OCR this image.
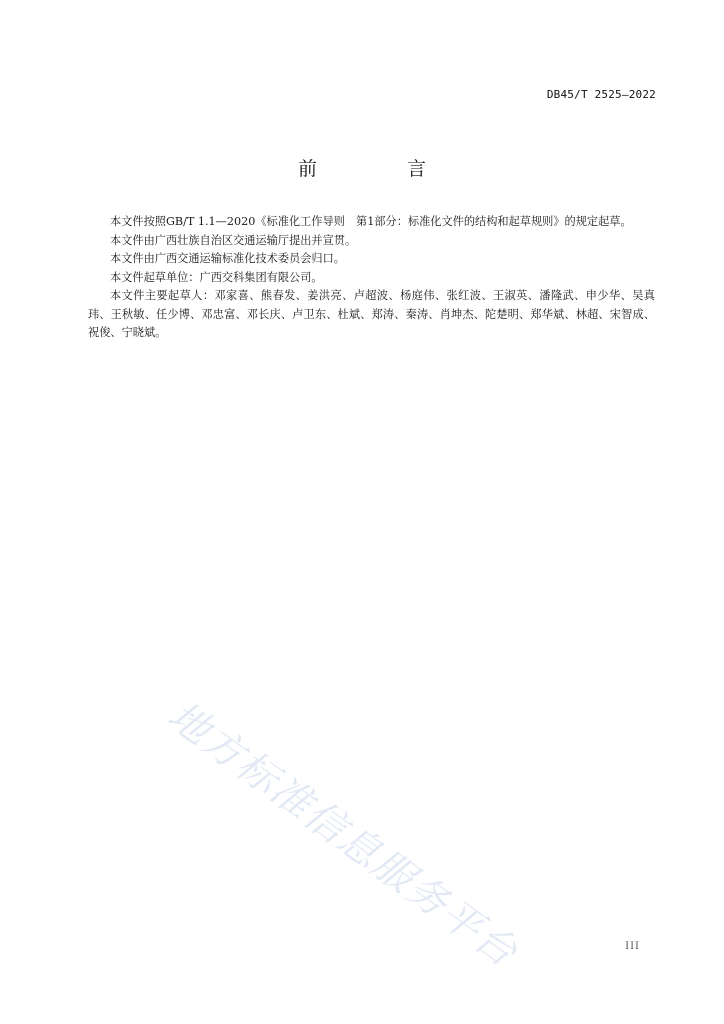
DB45/T 2525—2022
前 言

本文件按照GB/T 1.1—2020《标准化工作导则　第1部分：标准化文件的结构和起草规则》的规定起草。

本文件由广西壮族自治区交通运输厅提出并宣贯。

本文件由广西交通运输标准化技术委员会归口。

本文件起草单位：广西交科集团有限公司。

本文件主要起草人：邓家喜、熊春发、姜洪亮、卢超波、杨庭伟、张红波、王淑英、潘隆武、申少华、吴真玮、王秋敏、任少博、邓忠富、邓长庆、卢卫东、杜斌、郑涛、秦涛、肖坤杰、陀楚明、郑华斌、林超、宋智成、祝俊、宁晓斌。

地方标准信息服务平台	III
